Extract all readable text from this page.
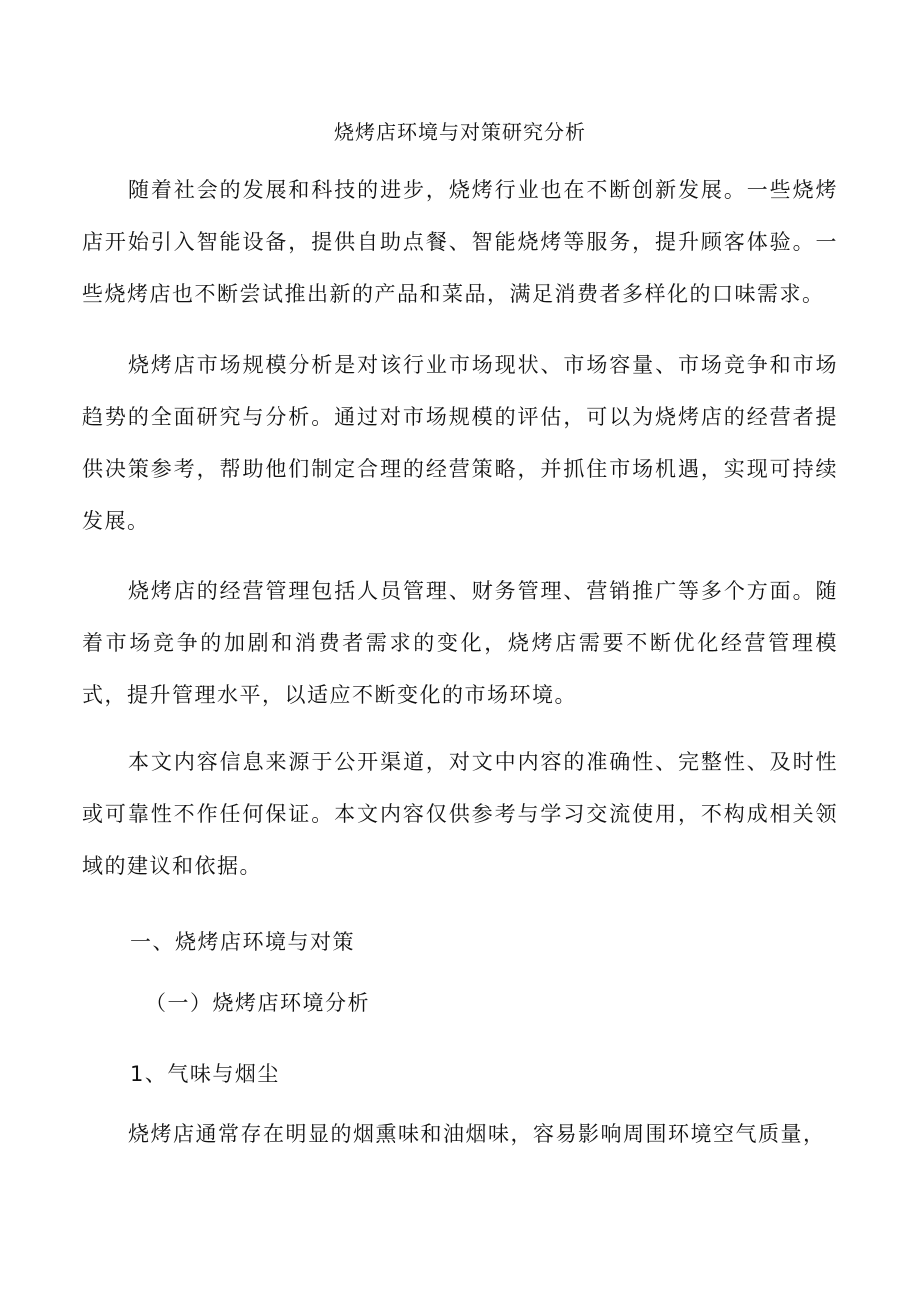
烧烤店环境与对策研究分析

随着社会的发展和科技的进步，烧烤行业也在不断创新发展。一些烧烤店开始引入智能设备，提供自助点餐、智能烧烤等服务，提升顾客体验。一些烧烤店也不断尝试推出新的产品和菜品，满足消费者多样化的口味需求。

烧烤店市场规模分析是对该行业市场现状、市场容量、市场竞争和市场趋势的全面研究与分析。通过对市场规模的评估，可以为烧烤店的经营者提供决策参考，帮助他们制定合理的经营策略，并抓住市场机遇，实现可持续发展。

烧烤店的经营管理包括人员管理、财务管理、营销推广等多个方面。随着市场竞争的加剧和消费者需求的变化，烧烤店需要不断优化经营管理模式，提升管理水平，以适应不断变化的市场环境。

本文内容信息来源于公开渠道，对文中内容的准确性、完整性、及时性或可靠性不作任何保证。本文内容仅供参考与学习交流使用，不构成相关领域的建议和依据。

一、烧烤店环境与对策
（一）烧烤店环境分析
1、气味与烟尘

烧烤店通常存在明显的烟熏味和油烟味，容易影响周围环境空气质量，
